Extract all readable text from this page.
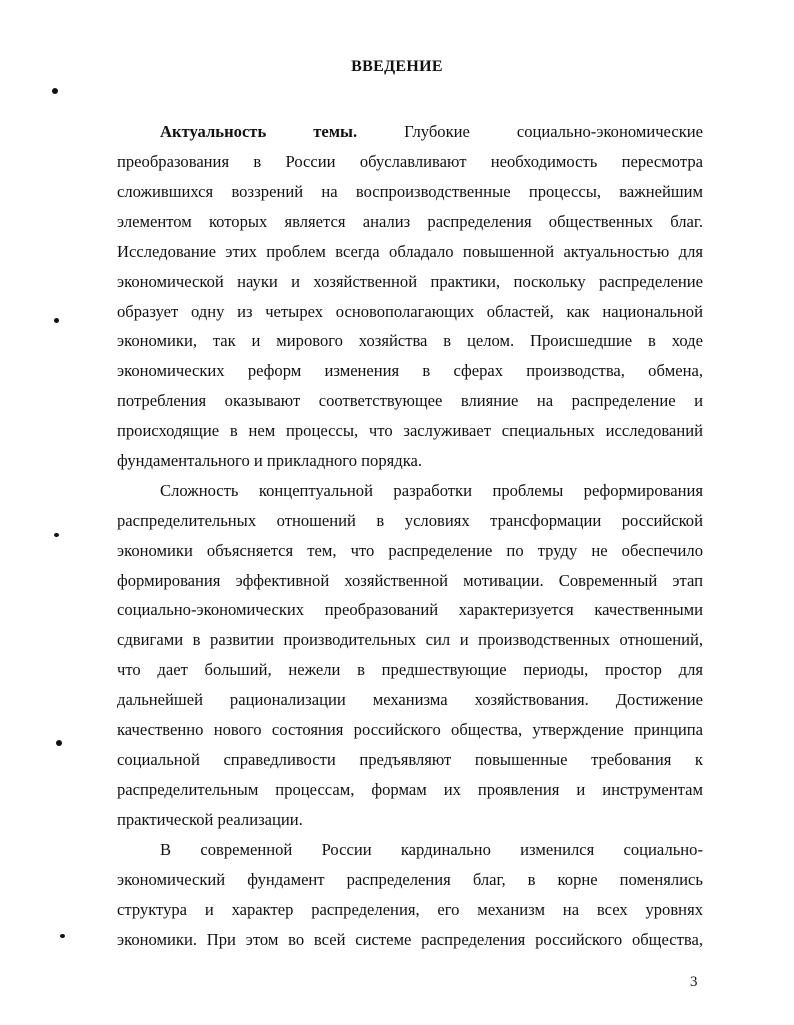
ВВЕДЕНИЕ
Актуальность темы.	Глубокие социально-экономические
преобразования в России обуславливают необходимость пересмотра
сложившихся воззрений на воспроизводственные процессы, важнейшим
элементом которых является анализ распределения общественных благ.
Исследование этих проблем всегда обладало повышенной актуальностью для
экономической науки и хозяйственной практики, поскольку распределение
образует одну из четырех основополагающих областей, как национальной
экономики, так и мирового хозяйства в целом. Происшедшие в ходе
экономических реформ изменения в сферах производства, обмена,
потребления оказывают соответствующее влияние на распределение и
происходящие в нем процессы, что заслуживает специальных исследований
фундаментального и прикладного порядка.
Сложность концептуальной разработки проблемы реформирования
распределительных отношений в условиях трансформации российской
экономики объясняется тем, что распределение по труду не обеспечило
формирования эффективной хозяйственной мотивации. Современный этап
социально-экономических преобразований характеризуется качественными
сдвигами в развитии производительных сил и производственных отношений,
что дает больший, нежели в предшествующие периоды, простор для
дальнейшей рационализации механизма хозяйствования. Достижение
качественно нового состояния российского общества, утверждение принципа
социальной справедливости предъявляют повышенные требования к
распределительным процессам, формам их проявления и инструментам
практической реализации.
В современной России кардинально изменился социально-
экономический фундамент распределения благ, в корне поменялись
структура и характер распределения, его механизм на всех уровнях
экономики. При этом во всей системе распределения российского общества,
3
